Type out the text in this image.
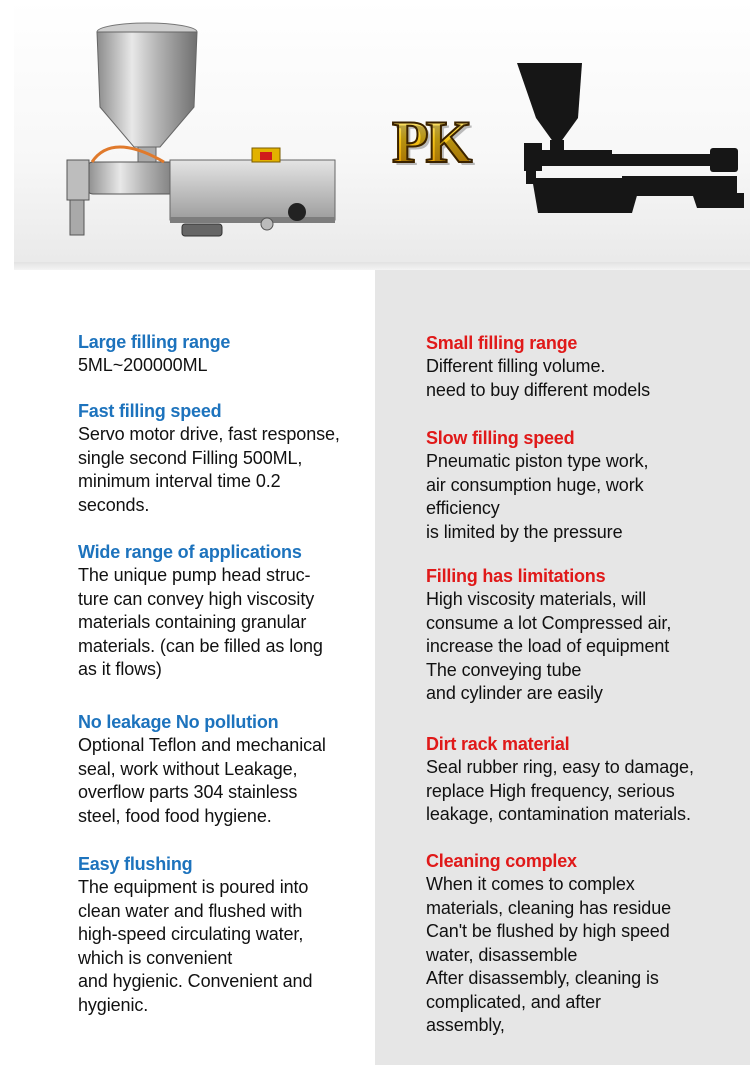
PK
Large filling range
5ML~200000ML
Fast filling speed
Servo motor drive, fast response,
single second Filling 500ML,
minimum interval time 0.2
seconds.
Wide range of applications
The unique pump head struc-
ture can convey high viscosity
materials containing granular
materials. (can be filled as long
as it flows)
No leakage No pollution
Optional Teflon and mechanical
seal, work without Leakage,
overflow parts 304 stainless
steel, food food hygiene.
Easy flushing
The equipment is poured into
clean water and flushed with
high-speed circulating water,
which is convenient
and hygienic. Convenient and
hygienic.
Small filling range
Different filling volume.
need to buy different models
Slow filling speed
Pneumatic piston type work,
air consumption huge, work
efficiency
is limited by the pressure
Filling has limitations
High viscosity materials, will
consume a lot Compressed air,
increase the load of equipment
The conveying tube
and cylinder are easily
Dirt rack material
Seal rubber ring, easy to damage,
replace High frequency, serious
leakage, contamination materials.
Cleaning complex
When it comes to complex
materials, cleaning has residue
Can't be flushed by high speed
water, disassemble
After disassembly, cleaning is
complicated, and after
assembly,
